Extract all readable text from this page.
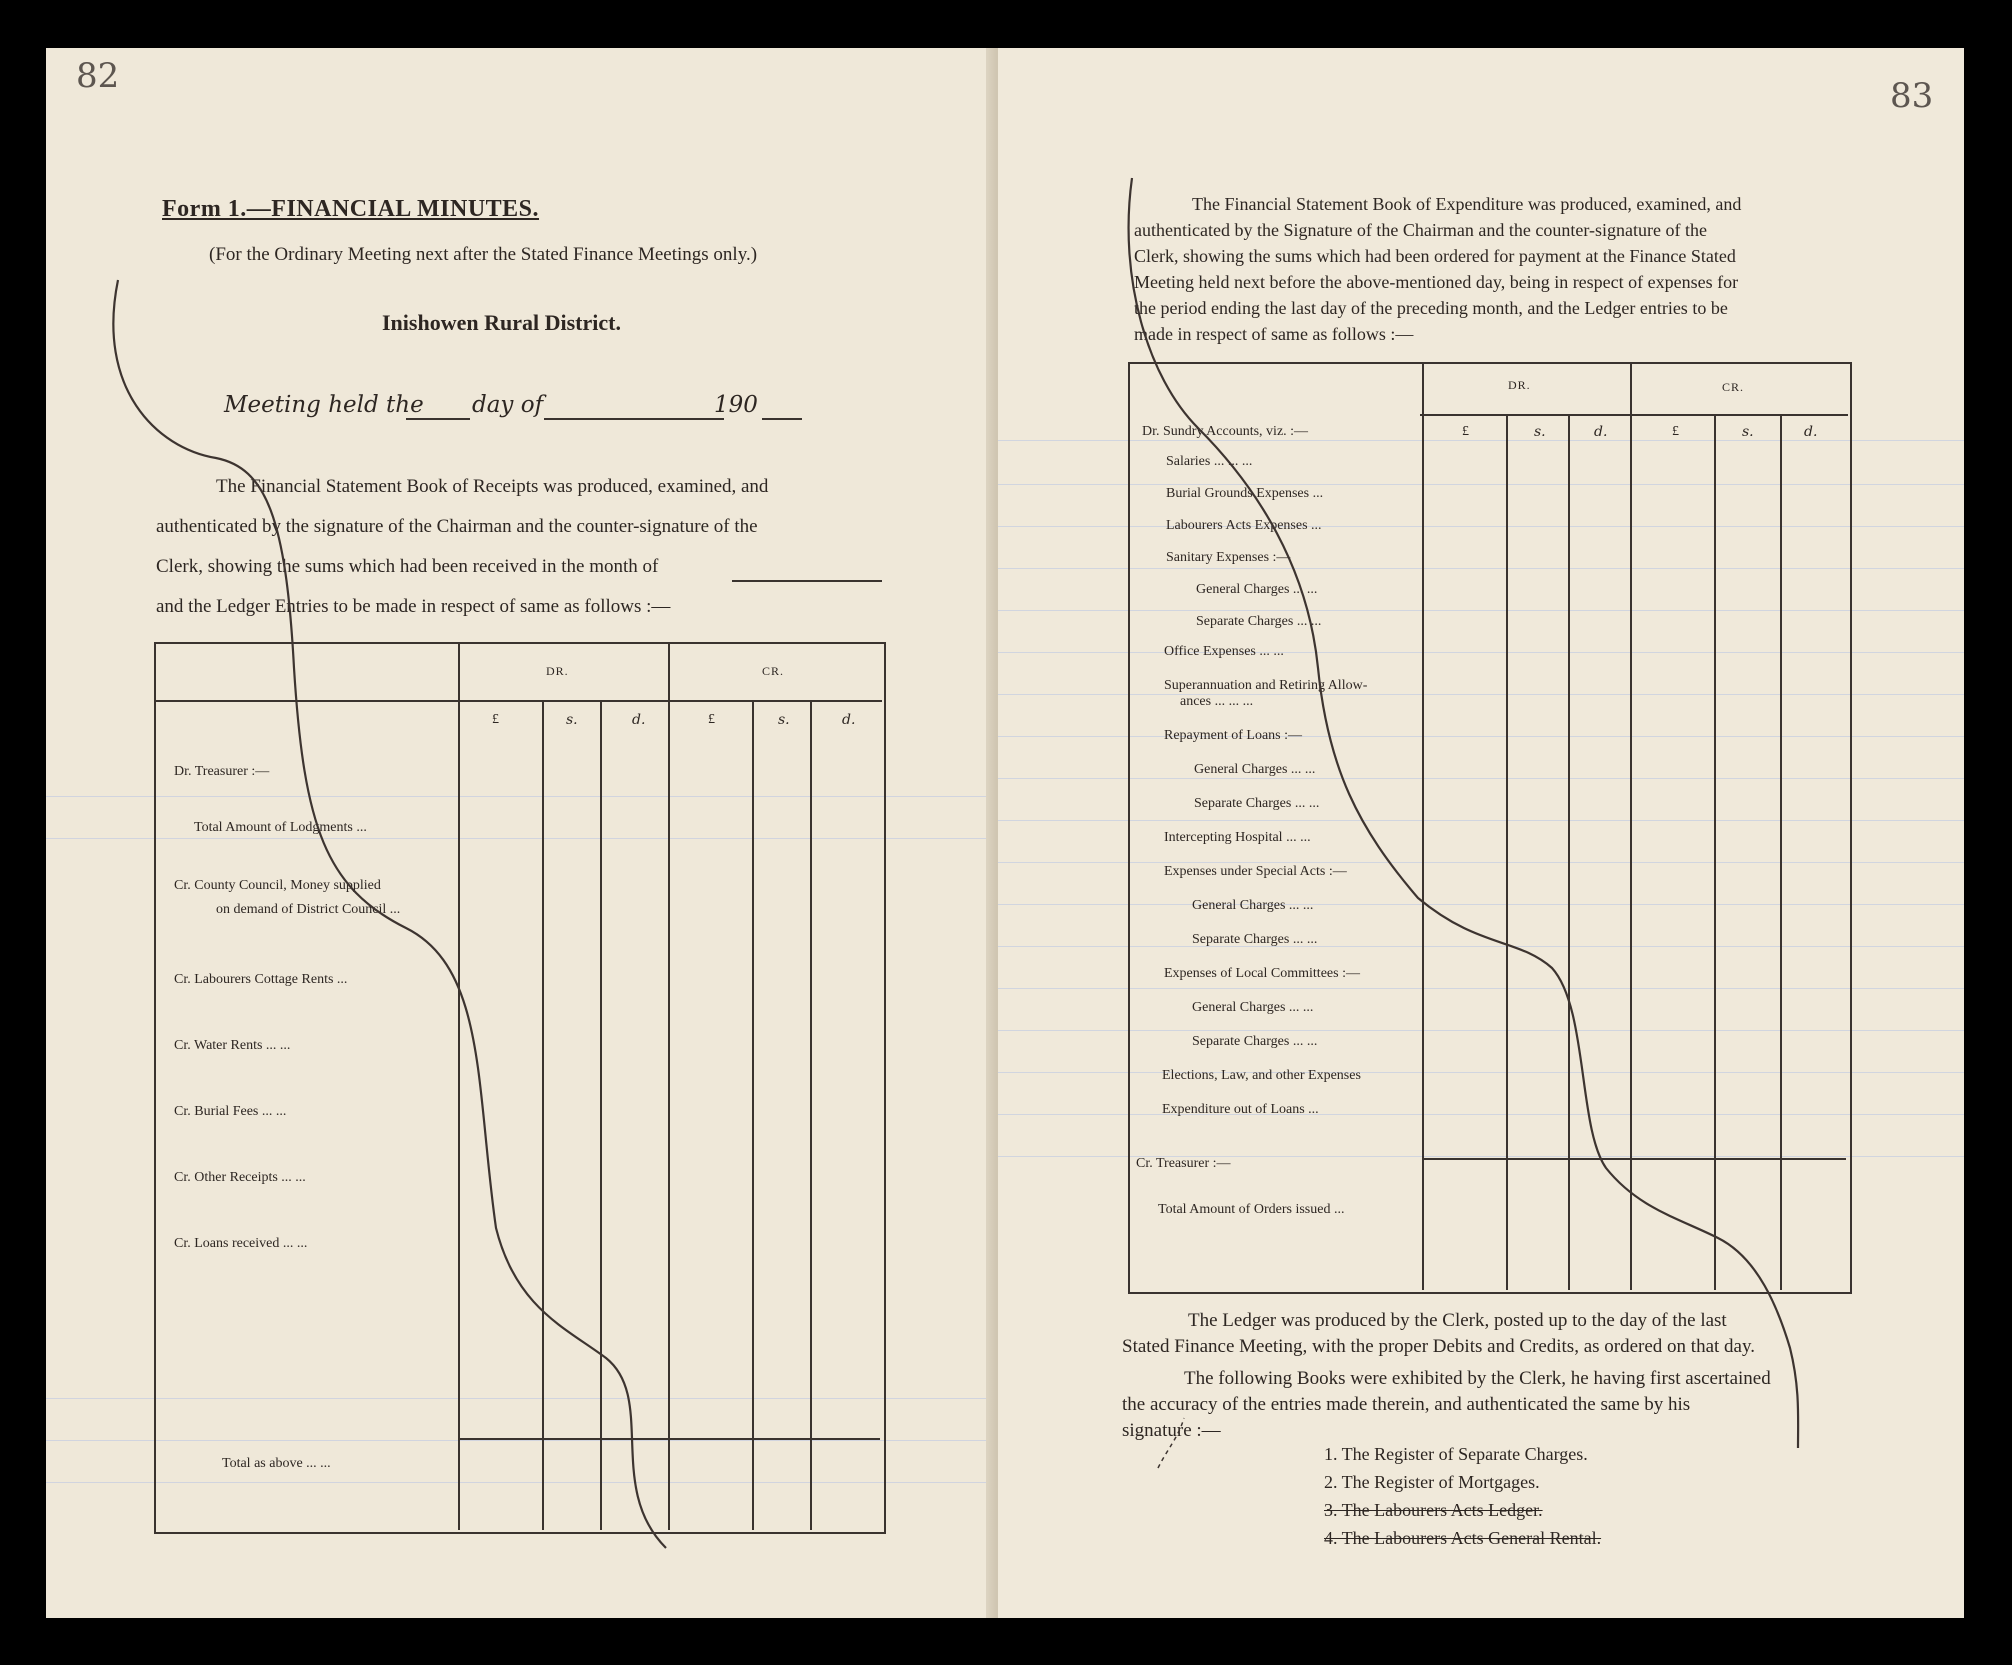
82
Form 1.—FINANCIAL MINUTES.
(For the Ordinary Meeting next after the Stated Finance Meetings only.)
Inishowen Rural District.
Meeting held the day of	190
The Financial Statement Book of Receipts was produced, examined, and
authenticated by the signature of the Chairman and the counter-signature of the
Clerk, showing the sums which had been received in the month of
and the Ledger Entries to be made in respect of same as follows :—
DR.	CR.
£	s.	d.	£	s.	d.
Dr. Treasurer :—
Total Amount of Lodgments ...
Cr. County Council, Money supplied
on demand of District Council ...
Cr. Labourers Cottage Rents ...
Cr. Water Rents ... ...
Cr. Burial Fees ... ...
Cr. Other Receipts ... ...
Cr. Loans received ... ...
Total as above ... ...
83
The Financial Statement Book of Expenditure was produced, examined, and
authenticated by the Signature of the Chairman and the counter-signature of the
Clerk, showing the sums which had been ordered for payment at the Finance Stated
Meeting held next before the above-mentioned day, being in respect of expenses for
the period ending the last day of the preceding month, and the Ledger entries to be
made in respect of same as follows :—
DR.	CR.
£	s.	d.	£	s.	d.
Dr. Sundry Accounts, viz. :—
Salaries ... ... ...
Burial Grounds Expenses ...
Labourers Acts Expenses ...
Sanitary Expenses :—
General Charges ... ...
Separate Charges ... ...
Office Expenses ... ...
Superannuation and Retiring Allow-
ances ... ... ...
Repayment of Loans :—
General Charges ... ...
Separate Charges ... ...
Intercepting Hospital ... ...
Expenses under Special Acts :—
General Charges ... ...
Separate Charges ... ...
Expenses of Local Committees :—
General Charges ... ...
Separate Charges ... ...
Elections, Law, and other Expenses
Expenditure out of Loans ...
Cr. Treasurer :—
Total Amount of Orders issued ...
The Ledger was produced by the Clerk, posted up to the day of the last
Stated Finance Meeting, with the proper Debits and Credits, as ordered on that day.
The following Books were exhibited by the Clerk, he having first ascertained
the accuracy of the entries made therein, and authenticated the same by his
signature :—
1. The Register of Separate Charges.
2. The Register of Mortgages.
3. The Labourers Acts Ledger.
4. The Labourers Acts General Rental.
